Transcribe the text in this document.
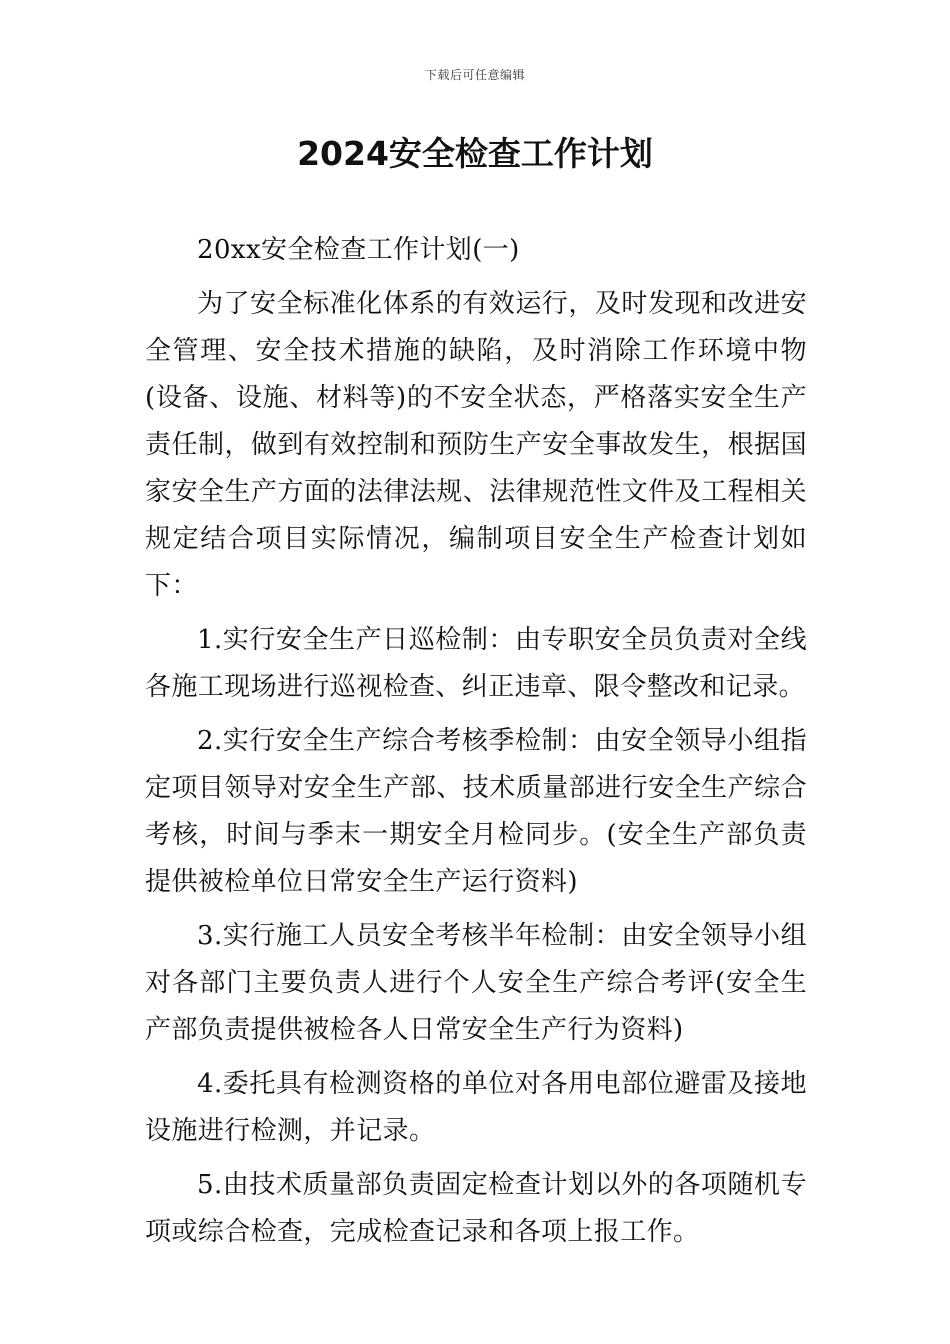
下载后可任意编辑
2024安全检查工作计划

20xx安全检查工作计划(一)

为了安全标准化体系的有效运行，及时发现和改进安全管理、安全技术措施的缺陷，及时消除工作环境中物(设备、设施、材料等)的不安全状态，严格落实安全生产责任制，做到有效控制和预防生产安全事故发生，根据国家安全生产方面的法律法规、法律规范性文件及工程相关规定结合项目实际情况，编制项目安全生产检查计划如下：

1.实行安全生产日巡检制：由专职安全员负责对全线各施工现场进行巡视检查、纠正违章、限令整改和记录。

2.实行安全生产综合考核季检制：由安全领导小组指定项目领导对安全生产部、技术质量部进行安全生产综合考核，时间与季末一期安全月检同步。(安全生产部负责提供被检单位日常安全生产运行资料)

3.实行施工人员安全考核半年检制：由安全领导小组对各部门主要负责人进行个人安全生产综合考评(安全生产部负责提供被检各人日常安全生产行为资料)

4.委托具有检测资格的单位对各用电部位避雷及接地设施进行检测，并记录。

5.由技术质量部负责固定检查计划以外的各项随机专项或综合检查，完成检查记录和各项上报工作。
